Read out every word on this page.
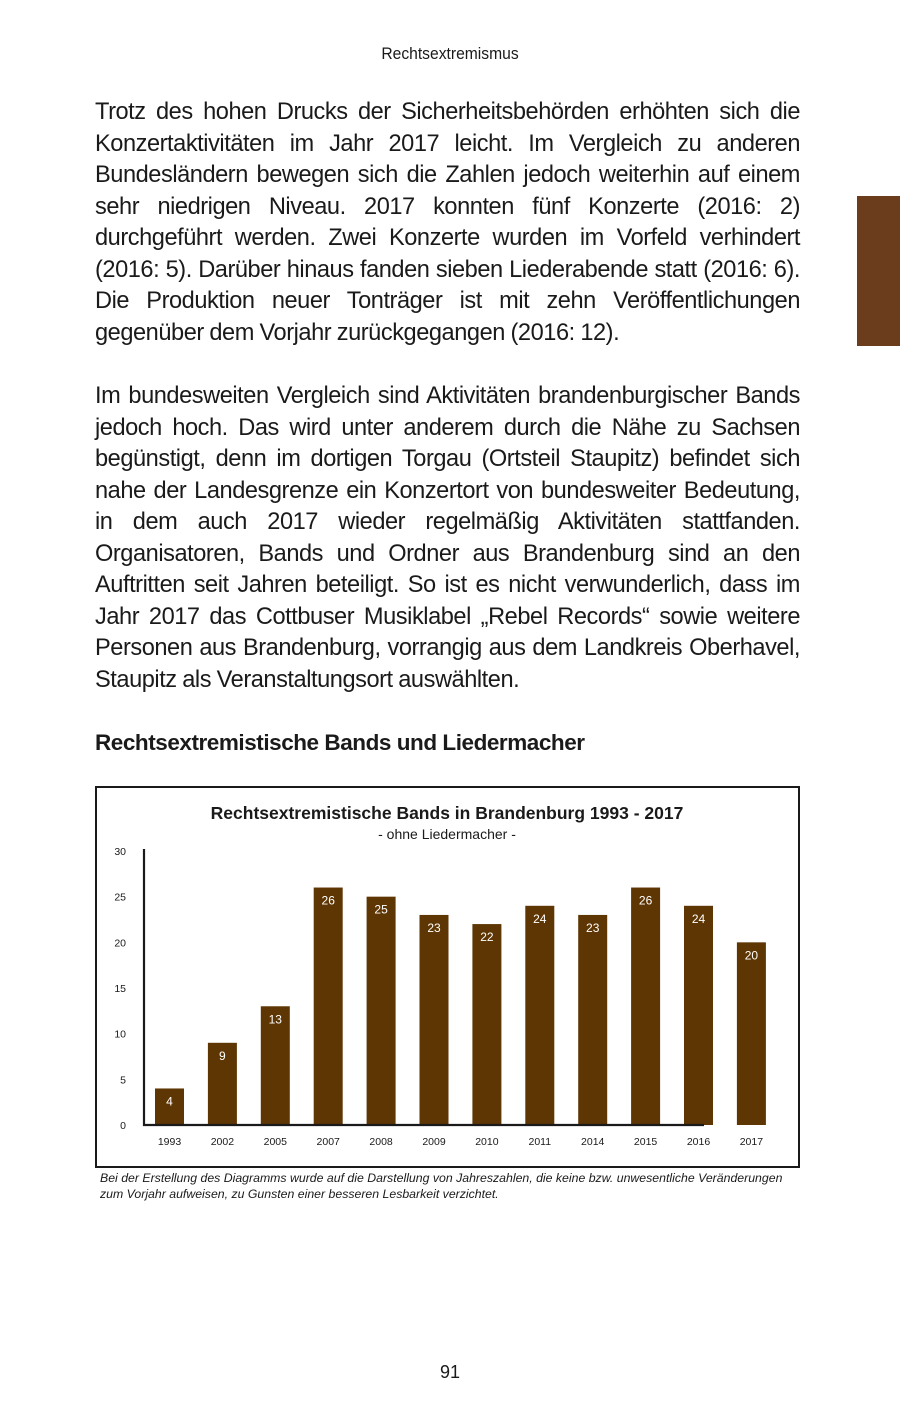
Rechtsextremismus

Trotz des hohen Drucks der Sicherheitsbehörden erhöhten sich die Konzertaktivitäten im Jahr 2017 leicht. Im Vergleich zu anderen Bundesländern bewegen sich die Zahlen jedoch weiterhin auf einem sehr niedrigen Niveau. 2017 konnten fünf Konzerte (2016: 2) durchgeführt werden. Zwei Konzerte wurden im Vorfeld verhindert (2016: 5). Darüber hinaus fanden sieben Liederabende statt (2016: 6). Die Produktion neuer Tonträger ist mit zehn Veröffentlichungen gegenüber dem Vorjahr zurückgegangen (2016: 12).

Im bundesweiten Vergleich sind Aktivitäten brandenburgischer Bands jedoch hoch. Das wird unter anderem durch die Nähe zu Sachsen begünstigt, denn im dortigen Torgau (Ortsteil Staupitz) befindet sich nahe der Landesgrenze ein Konzertort von bundesweiter Bedeutung, in dem auch 2017 wieder regelmäßig Aktivitäten stattfanden. Organisatoren, Bands und Ordner aus Brandenburg sind an den Auftritten seit Jahren beteiligt. So ist es nicht verwunderlich, dass im Jahr 2017 das Cottbuser Musiklabel „Rebel Records“ sowie weitere Personen aus Brandenburg, vorrangig aus dem Landkreis Oberhavel, Staupitz als Veranstaltungsort auswählten.

Rechtsextremistische Bands und Liedermacher
Rechtsextremistische Bands in Brandenburg 1993 - 2017
- ohne Liedermacher -
0
5
10
15
20
25
30
4
1993
9
2002
13
2005
26
2007
25
2008
23
2009
22
2010
24
2011
23
2014
26
2015
24
2016
20
2017

Bei der Erstellung des Diagramms wurde auf die Darstellung von Jahreszahlen, die keine bzw. unwesentliche Veränderungen zum Vorjahr aufweisen, zu Gunsten einer besseren Lesbarkeit verzichtet.

91
